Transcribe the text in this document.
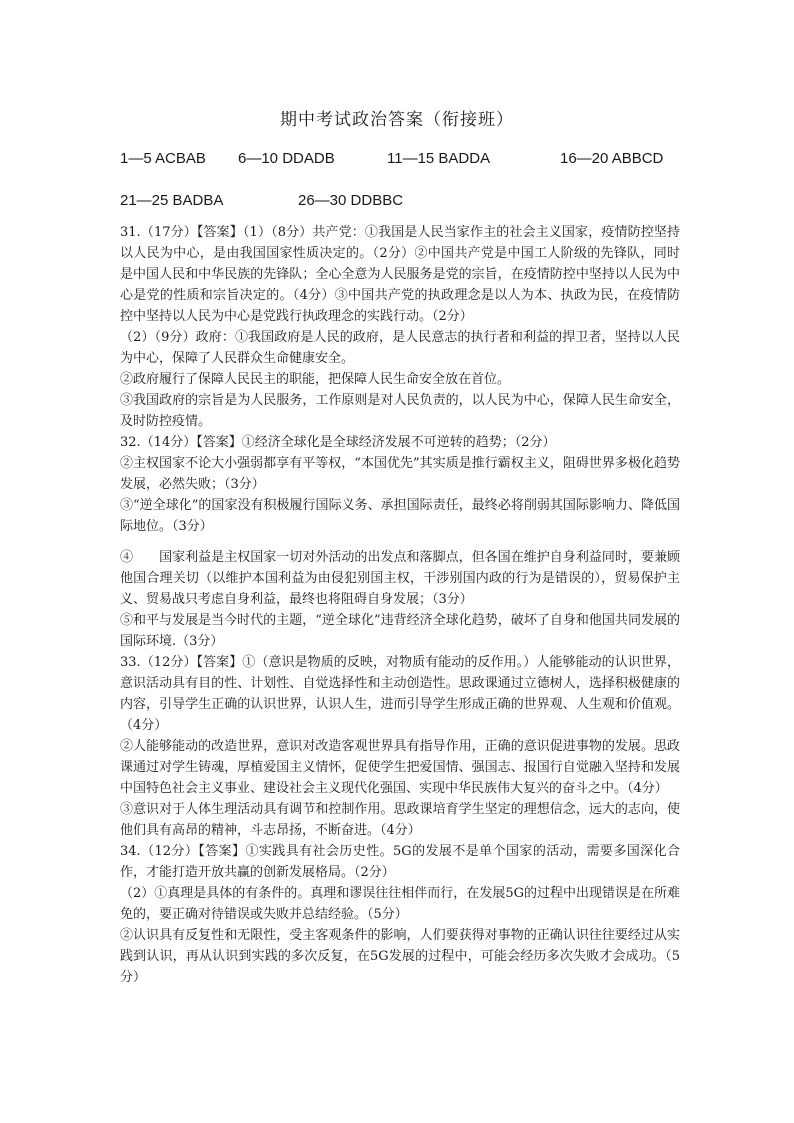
期中考试政治答案（衔接班）

1—5 ACBAB

6—10 DDADB

	11—15 BADDA

	16—20 ABBCD

21—25 BADBA

	26—30 DDBBC

31.（17分）【答案】（1）（8分）共产党：①我国是人民当家作主的社会主义国家，疫情防控坚持以人民为中心，是由我国国家性质决定的。（2分）②中国共产党是中国工人阶级的先锋队，同时是中国人民和中华民族的先锋队；全心全意为人民服务是党的宗旨，在疫情防控中坚持以人民为中心是党的性质和宗旨决定的。（4分）③中国共产党的执政理念是以人为本、执政为民，在疫情防控中坚持以人民为中心是党践行执政理念的实践行动。（2分）

（2）（9分）政府：①我国政府是人民的政府，是人民意志的执行者和利益的捍卫者，坚持以人民为中心，保障了人民群众生命健康安全。

②政府履行了保障人民民主的职能，把保障人民生命安全放在首位。

③我国政府的宗旨是为人民服务，工作原则是对人民负责的，以人民为中心，保障人民生命安全，及时防控疫情。

32.（14分）【答案】①经济全球化是全球经济发展不可逆转的趋势；（2分）

②主权国家不论大小强弱都享有平等权，“本国优先”其实质是推行霸权主义，阻碍世界多极化趋势发展，必然失败；（3分）

③“逆全球化”的国家没有积极履行国际义务、承担国际责任，最终必将削弱其国际影响力、降低国际地位。（3分）

④　　国家利益是主权国家一切对外活动的出发点和落脚点，但各国在维护自身利益同时，要兼顾他国合理关切（以维护本国利益为由侵犯别国主权，干涉别国内政的行为是错误的），贸易保护主义、贸易战只考虑自身利益，最终也将阻碍自身发展；（3分）

⑤和平与发展是当今时代的主题，“逆全球化”违背经济全球化趋势，破坏了自身和他国共同发展的国际环境.（3分）

33.（12分）【答案】①（意识是物质的反映，对物质有能动的反作用。）人能够能动的认识世界，意识活动具有目的性、计划性、自觉选择性和主动创造性。思政课通过立德树人，选择积极健康的内容，引导学生正确的认识世界，认识人生，进而引导学生形成正确的世界观、人生观和价值观。（4分）

②人能够能动的改造世界，意识对改造客观世界具有指导作用，正确的意识促进事物的发展。思政课通过对学生铸魂，厚植爱国主义情怀，促使学生把爱国情、强国志、报国行自觉融入坚持和发展中国特色社会主义事业、建设社会主义现代化强国、实现中华民族伟大复兴的奋斗之中。（4分）

③意识对于人体生理活动具有调节和控制作用。思政课培育学生坚定的理想信念，远大的志向，使他们具有高昂的精神，斗志昂扬，不断奋进。（4分）

34.（12分）【答案】①实践具有社会历史性。5G的发展不是单个国家的活动，需要多国深化合作，才能打造开放共赢的创新发展格局。（2分）

（2）①真理是具体的有条件的。真理和谬误往往相伴而行，在发展5G的过程中出现错误是在所难免的，要正确对待错误或失败并总结经验。（5分）

②认识具有反复性和无限性，受主客观条件的影响，人们要获得对事物的正确认识往往要经过从实践到认识，再从认识到实践的多次反复，在5G发展的过程中，可能会经历多次失败才会成功。（5分）
